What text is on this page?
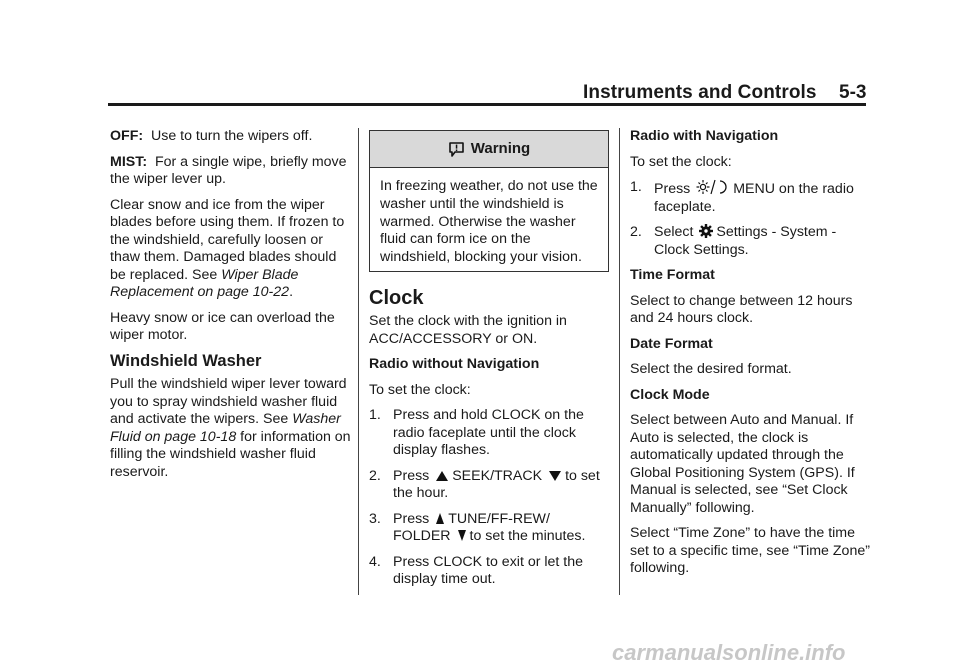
Instruments and Controls 5-3

OFF: Use to turn the wipers off.

MIST: For a single wipe, briefly move the wiper lever up.

Clear snow and ice from the wiper blades before using them. If frozen to the windshield, carefully loosen or thaw them. Damaged blades should be replaced. See Wiper Blade Replacement on page 10-22.

Heavy snow or ice can overload the wiper motor.

Windshield Washer

Pull the windshield wiper lever toward you to spray windshield washer fluid and activate the wipers. See Washer Fluid on page 10-18 for information on filling the windshield washer fluid reservoir.

Warning
In freezing weather, do not use the washer until the windshield is warmed. Otherwise the washer fluid can form ice on the windshield, blocking your vision.
Clock

Set the clock with the ignition in ACC/ACCESSORY or ON.

Radio without Navigation

To set the clock:

1. Press and hold CLOCK on the radio faceplate until the clock display flashes.
2. Press SEEK/TRACK to set the hour.
3. Press TUNE/FF-REW/ FOLDER to set the minutes.
4. Press CLOCK to exit or let the display time out.

Radio with Navigation

To set the clock:

1. Press	MENU on the radio faceplate.
2. Select Settings - System - Clock Settings.

Time Format

Select to change between 12 hours and 24 hours clock.

Date Format

Select the desired format.

Clock Mode

Select between Auto and Manual. If Auto is selected, the clock is automatically updated through the Global Positioning System (GPS). If Manual is selected, see “Set Clock Manually” following.

Select “Time Zone” to have the time set to a specific time, see “Time Zone” following.

carmanualsonline.info
